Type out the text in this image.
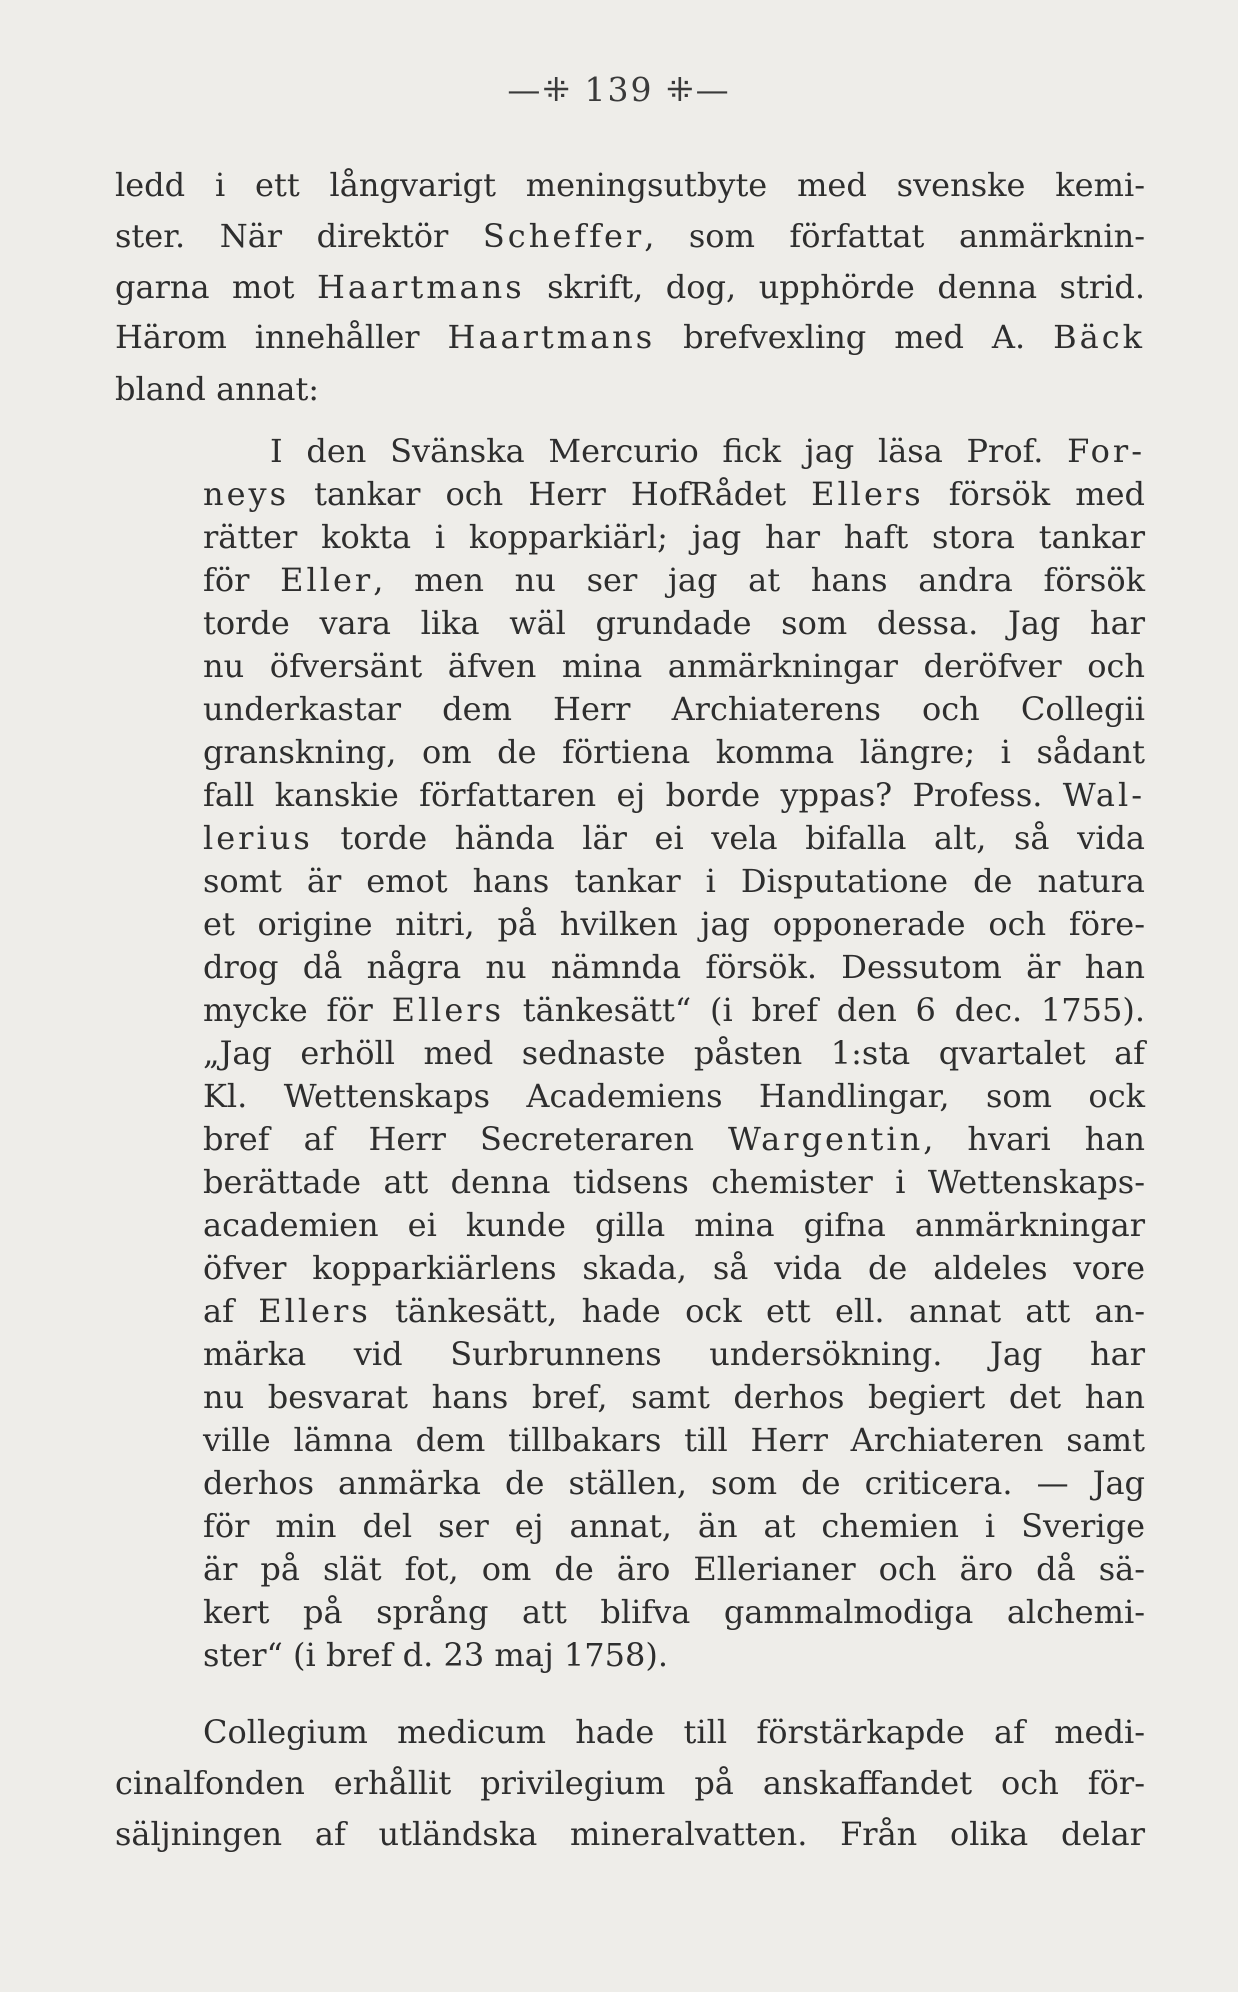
—⁜ 139 ⁜—
ledd i ett långvarigt meningsutbyte med svenske kemi-
ster. När direktör Scheffer, som författat anmärknin-
garna mot Haartmans skrift, dog, upphörde denna strid.
Härom innehåller Haartmans brefvexling med A. Bäck
bland annat:
I den Svänska Mercurio fick jag läsa Prof. For-
neys tankar och Herr HofRådet Ellers försök med
rätter kokta i kopparkiärl; jag har haft stora tankar
för Eller, men nu ser jag at hans andra försök
torde vara lika wäl grundade som dessa. Jag har
nu öfversänt äfven mina anmärkningar deröfver och
underkastar dem Herr Archiaterens och Collegii
granskning, om de förtiena komma längre; i sådant
fall kanskie författaren ej borde yppas? Profess. Wal-
lerius torde hända lär ei vela bifalla alt, så vida
somt är emot hans tankar i Disputatione de natura
et origine nitri, på hvilken jag opponerade och före-
drog då några nu nämnda försök. Dessutom är han
mycke för Ellers tänkesätt“ (i bref den 6 dec. 1755).
„Jag erhöll med sednaste påsten 1:sta qvartalet af
Kl. Wettenskaps Academiens Handlingar, som ock
bref af Herr Secreteraren Wargentin, hvari han
berättade att denna tidsens chemister i Wettenskaps-
academien ei kunde gilla mina gifna anmärkningar
öfver kopparkiärlens skada, så vida de aldeles vore
af Ellers tänkesätt, hade ock ett ell. annat att an-
märka vid Surbrunnens undersökning. Jag har
nu besvarat hans bref, samt derhos begiert det han
ville lämna dem tillbakars till Herr Archiateren samt
derhos anmärka de ställen, som de criticera. — Jag
för min del ser ej annat, än at chemien i Sverige
är på slät fot, om de äro Ellerianer och äro då sä-
kert på språng att blifva gammalmodiga alchemi-
ster“ (i bref d. 23 maj 1758).
Collegium medicum hade till förstärkapde af medi-
cinalfonden erhållit privilegium på anskaffandet och för-
säljningen af utländska mineralvatten. Från olika delar
